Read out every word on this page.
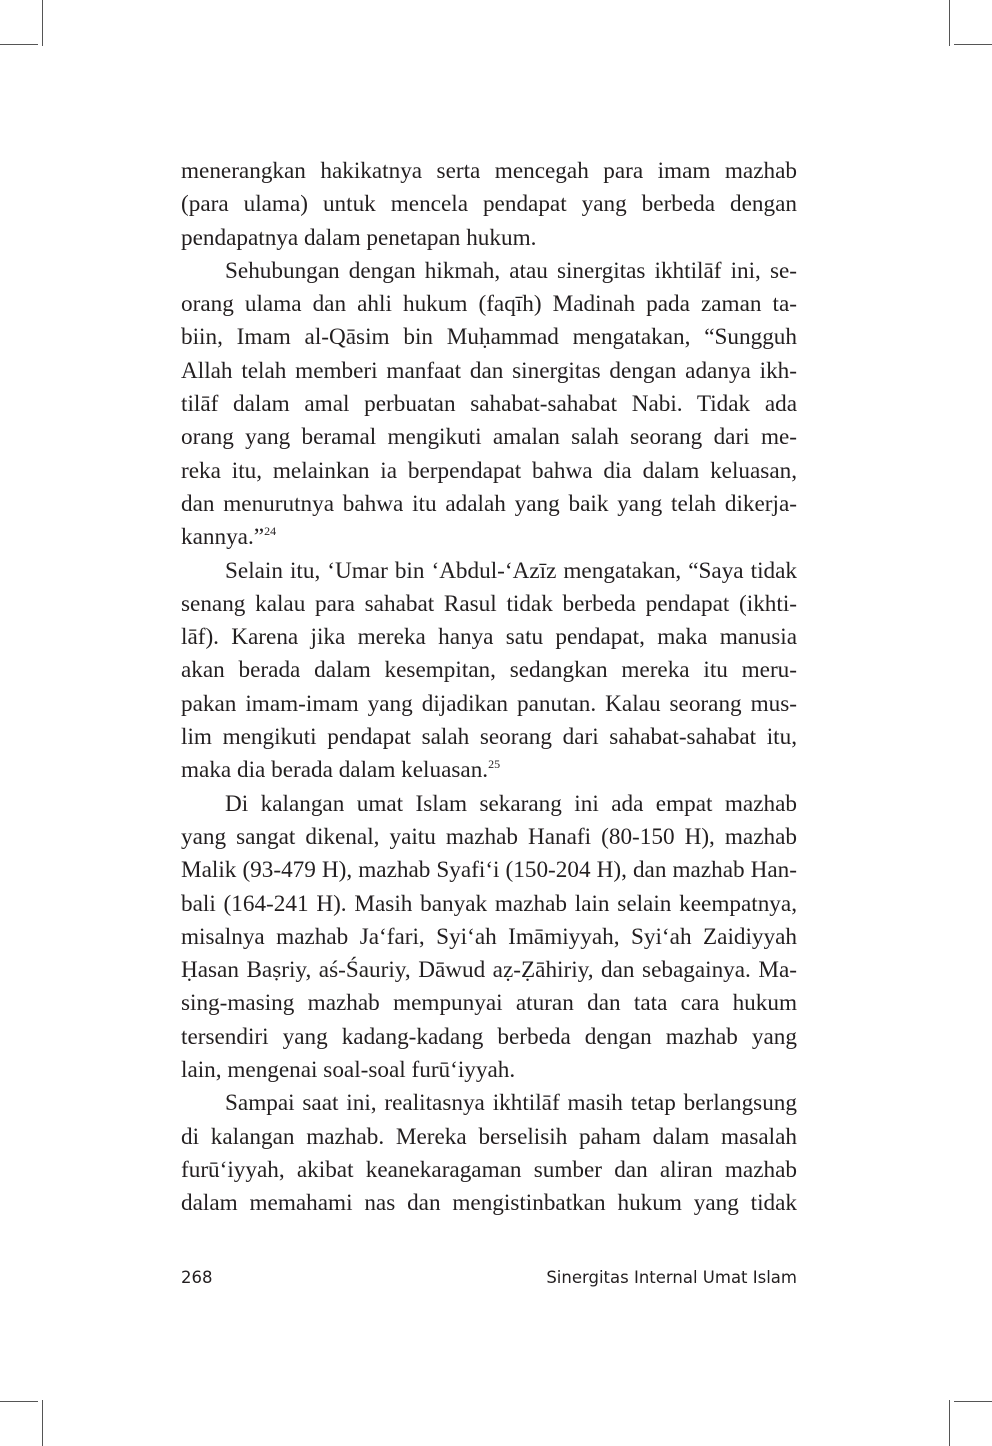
menerangkan hakikatnya serta mencegah para imam mazhab
(para ulama) untuk mencela pendapat yang berbeda dengan
pendapatnya dalam penetapan hukum.

Sehubungan dengan hikmah, atau sinergitas ikhtilāf ini, se-
orang ulama dan ahli hukum (faqīh) Madinah pada zaman ta-
biin, Imam al-Qāsim bin Muḥammad mengatakan, “Sungguh
Allah telah memberi manfaat dan sinergitas dengan adanya ikh-
tilāf dalam amal perbuatan sahabat-sahabat Nabi. Tidak ada
orang yang beramal mengikuti amalan salah seorang dari me-
reka itu, melainkan ia berpendapat bahwa dia dalam keluasan,
dan menurutnya bahwa itu adalah yang baik yang telah dikerja-
kannya.”$^{24}$

Selain itu, ‘Umar bin ‘Abdul-‘Azīz mengatakan, “Saya tidak
senang kalau para sahabat Rasul tidak berbeda pendapat (ikhti-
lāf). Karena jika mereka hanya satu pendapat, maka manusia
akan berada dalam kesempitan, sedangkan mereka itu meru-
pakan imam-imam yang dijadikan panutan. Kalau seorang mus-
lim mengikuti pendapat salah seorang dari sahabat-sahabat itu,
maka dia berada dalam keluasan.$^{25}$

Di kalangan umat Islam sekarang ini ada empat mazhab
yang sangat dikenal, yaitu mazhab Hanafi (80-150 H), mazhab
Malik (93-479 H), mazhab Syafi‘i (150-204 H), dan mazhab Han-
bali (164-241 H). Masih banyak mazhab lain selain keempatnya,
misalnya mazhab Ja‘fari, Syi‘ah Imāmiyyah, Syi‘ah Zaidiyyah
Ḥasan Baṣriy, aś-Śauriy, Dāwud aẓ-Ẓāhiriy, dan sebagainya. Ma-
sing-masing mazhab mempunyai aturan dan tata cara hukum
tersendiri yang kadang-kadang berbeda dengan mazhab yang
lain, mengenai soal-soal furū‘iyyah.

Sampai saat ini, realitasnya ikhtilāf masih tetap berlangsung
di kalangan mazhab. Mereka berselisih paham dalam masalah
furū‘iyyah, akibat keanekaragaman sumber dan aliran mazhab
dalam memahami nas dan mengistinbatkan hukum yang tidak

268	Sinergitas Internal Umat Islam
